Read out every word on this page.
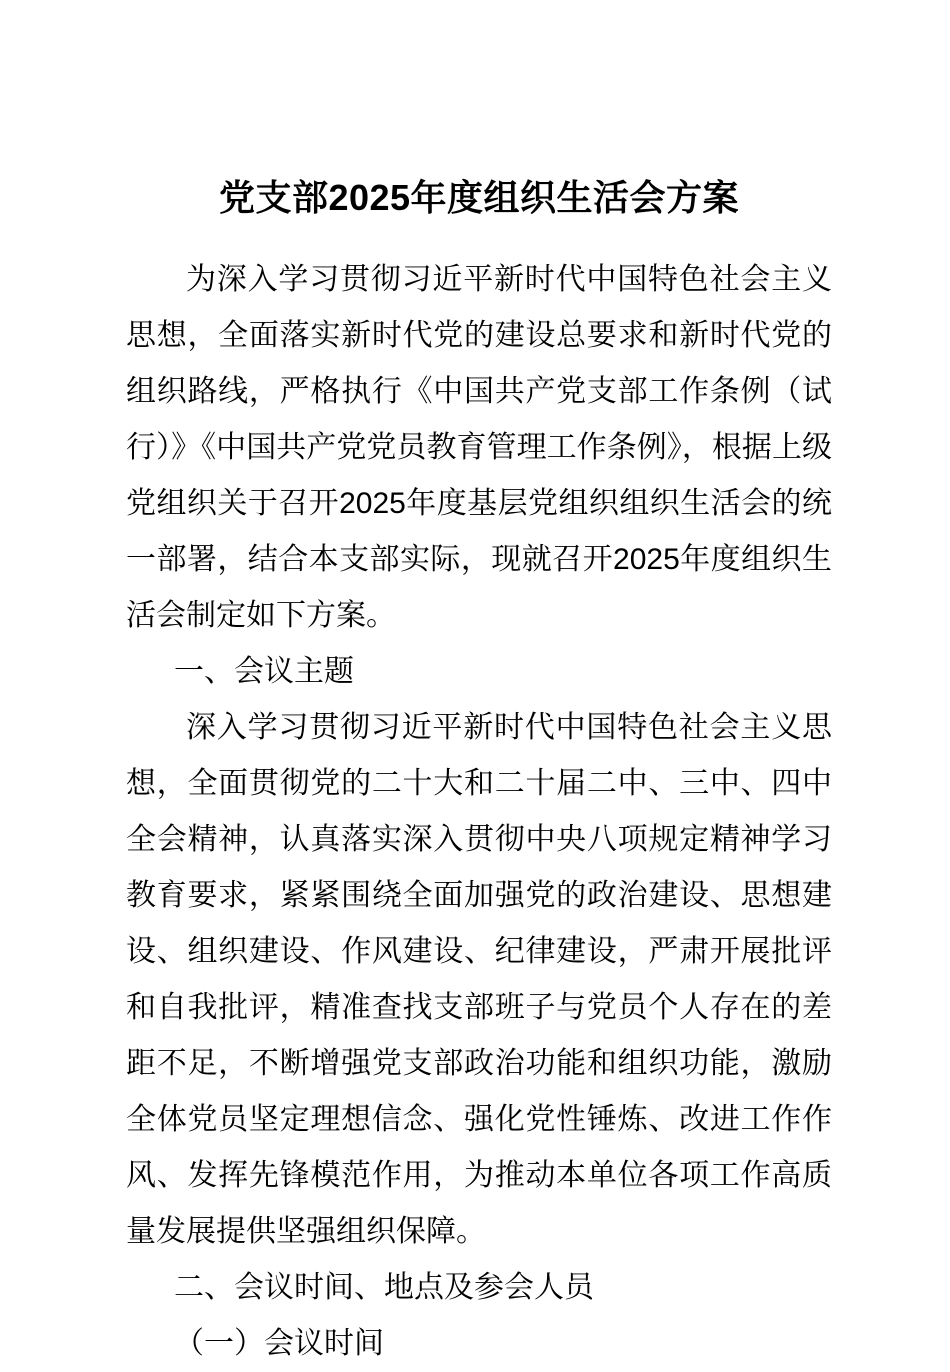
党支部2025年度组织生活会方案

为深入学习贯彻习近平新时代中国特色社会主义思想，全面落实新时代党的建设总要求和新时代党的组织路线，严格执行《中国共产党支部工作条例（试行）》《中国共产党党员教育管理工作条例》，根据上级党组织关于召开2025年度基层党组织组织生活会的统一部署，结合本支部实际，现就召开2025年度组织生活会制定如下方案。

一、会议主题

深入学习贯彻习近平新时代中国特色社会主义思想，全面贯彻党的二十大和二十届二中、三中、四中全会精神，认真落实深入贯彻中央八项规定精神学习教育要求，紧紧围绕全面加强党的政治建设、思想建设、组织建设、作风建设、纪律建设，严肃开展批评和自我批评，精准查找支部班子与党员个人存在的差距不足，不断增强党支部政治功能和组织功能，激励全体党员坚定理想信念、强化党性锤炼、改进工作作风、发挥先锋模范作用，为推动本单位各项工作高质量发展提供坚强组织保障。

二、会议时间、地点及参会人员

（一）会议时间
